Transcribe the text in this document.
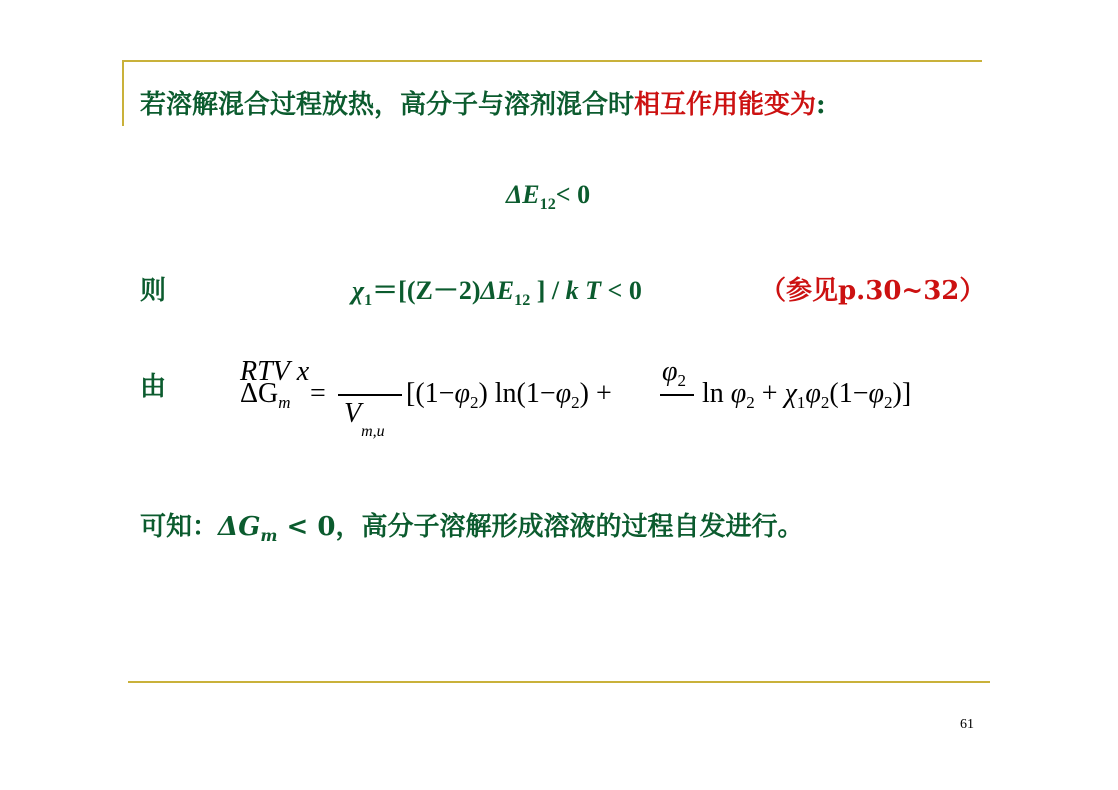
若溶解混合过程放热，高分子与溶剂混合时相互作用能变为:
$\Delta E_{12}< 0$
则	$\chi_1=[(Z-2)\Delta E_{12}$ ] / k T < 0	（参见p.30~32）
由	$\Delta G_m$ =
RTV
$V_{m,u}$
[$(1-\varphi_2) \ln(1-\varphi_2)$ +
$\varphi_2$
x
$\ln \varphi_2 + \chi_1\varphi_2(1-\varphi_2)$]
可知：$\Delta G_m < 0$，高分子溶解形成溶液的过程自发进行。
61
